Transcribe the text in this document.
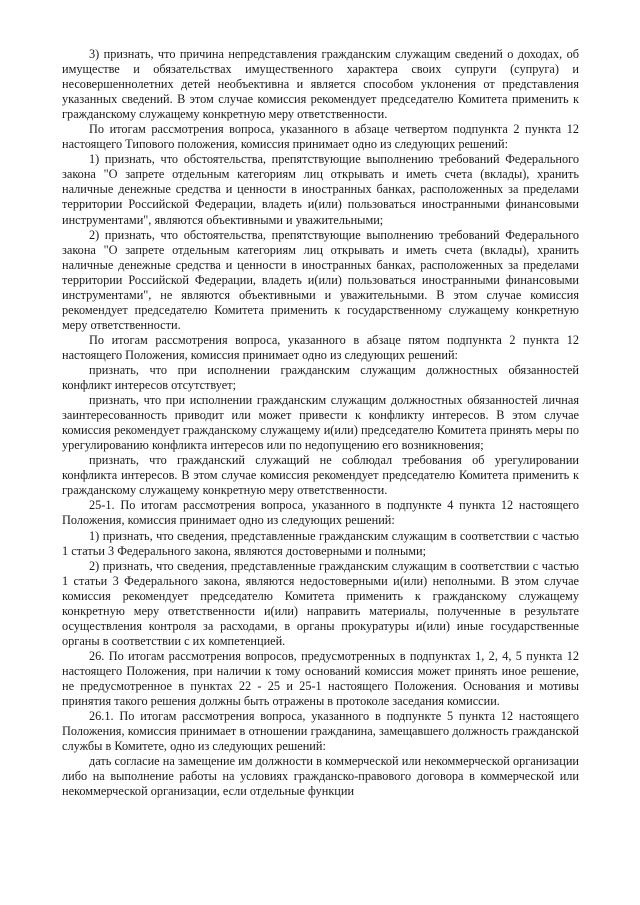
3) признать, что причина непредставления гражданским служащим сведений о доходах, об имуществе и обязательствах имущественного характера своих супруги (супруга) и несовершеннолетних детей необъективна и является способом уклонения от представления указанных сведений. В этом случае комиссия рекомендует председателю Комитета применить к гражданскому служащему конкретную меру ответственности.

По итогам рассмотрения вопроса, указанного в абзаце четвертом подпункта 2 пункта 12 настоящего Типового положения, комиссия принимает одно из следующих решений:

1) признать, что обстоятельства, препятствующие выполнению требований Федерального закона "О запрете отдельным категориям лиц открывать и иметь счета (вклады), хранить наличные денежные средства и ценности в иностранных банках, расположенных за пределами территории Российской Федерации, владеть и(или) пользоваться иностранными финансовыми инструментами", являются объективными и уважительными;

2) признать, что обстоятельства, препятствующие выполнению требований Федерального закона "О запрете отдельным категориям лиц открывать и иметь счета (вклады), хранить наличные денежные средства и ценности в иностранных банках, расположенных за пределами территории Российской Федерации, владеть и(или) пользоваться иностранными финансовыми инструментами", не являются объективными и уважительными. В этом случае комиссия рекомендует председателю Комитета применить к государственному служащему конкретную меру ответственности.

По итогам рассмотрения вопроса, указанного в абзаце пятом подпункта 2 пункта 12 настоящего Положения, комиссия принимает одно из следующих решений:

признать, что при исполнении гражданским служащим должностных обязанностей конфликт интересов отсутствует;

признать, что при исполнении гражданским служащим должностных обязанностей личная заинтересованность приводит или может привести к конфликту интересов. В этом случае комиссия рекомендует гражданскому служащему и(или) председателю Комитета принять меры по урегулированию конфликта интересов или по недопущению его возникновения;

признать, что гражданский служащий не соблюдал требования об урегулировании конфликта интересов. В этом случае комиссия рекомендует председателю Комитета применить к гражданскому служащему конкретную меру ответственности.

25-1. По итогам рассмотрения вопроса, указанного в подпункте 4 пункта 12 настоящего Положения, комиссия принимает одно из следующих решений:

1) признать, что сведения, представленные гражданским служащим в соответствии с частью 1 статьи 3 Федерального закона, являются достоверными и полными;

2) признать, что сведения, представленные гражданским служащим в соответствии с частью 1 статьи 3 Федерального закона, являются недостоверными и(или) неполными. В этом случае комиссия рекомендует председателю Комитета применить к гражданскому служащему конкретную меру ответственности и(или) направить материалы, полученные в результате осуществления контроля за расходами, в органы прокуратуры и(или) иные государственные органы в соответствии с их компетенцией.

26. По итогам рассмотрения вопросов, предусмотренных в подпунктах 1, 2, 4, 5 пункта 12 настоящего Положения, при наличии к тому оснований комиссия может принять иное решение, не предусмотренное в пунктах 22 - 25 и 25-1 настоящего Положения. Основания и мотивы принятия такого решения должны быть отражены в протоколе заседания комиссии.

26.1. По итогам рассмотрения вопроса, указанного в подпункте 5 пункта 12 настоящего Положения, комиссия принимает в отношении гражданина, замещавшего должность гражданской службы в Комитете, одно из следующих решений:

дать согласие на замещение им должности в коммерческой или некоммерческой организации либо на выполнение работы на условиях гражданско-правового договора в коммерческой или некоммерческой организации, если отдельные функции
